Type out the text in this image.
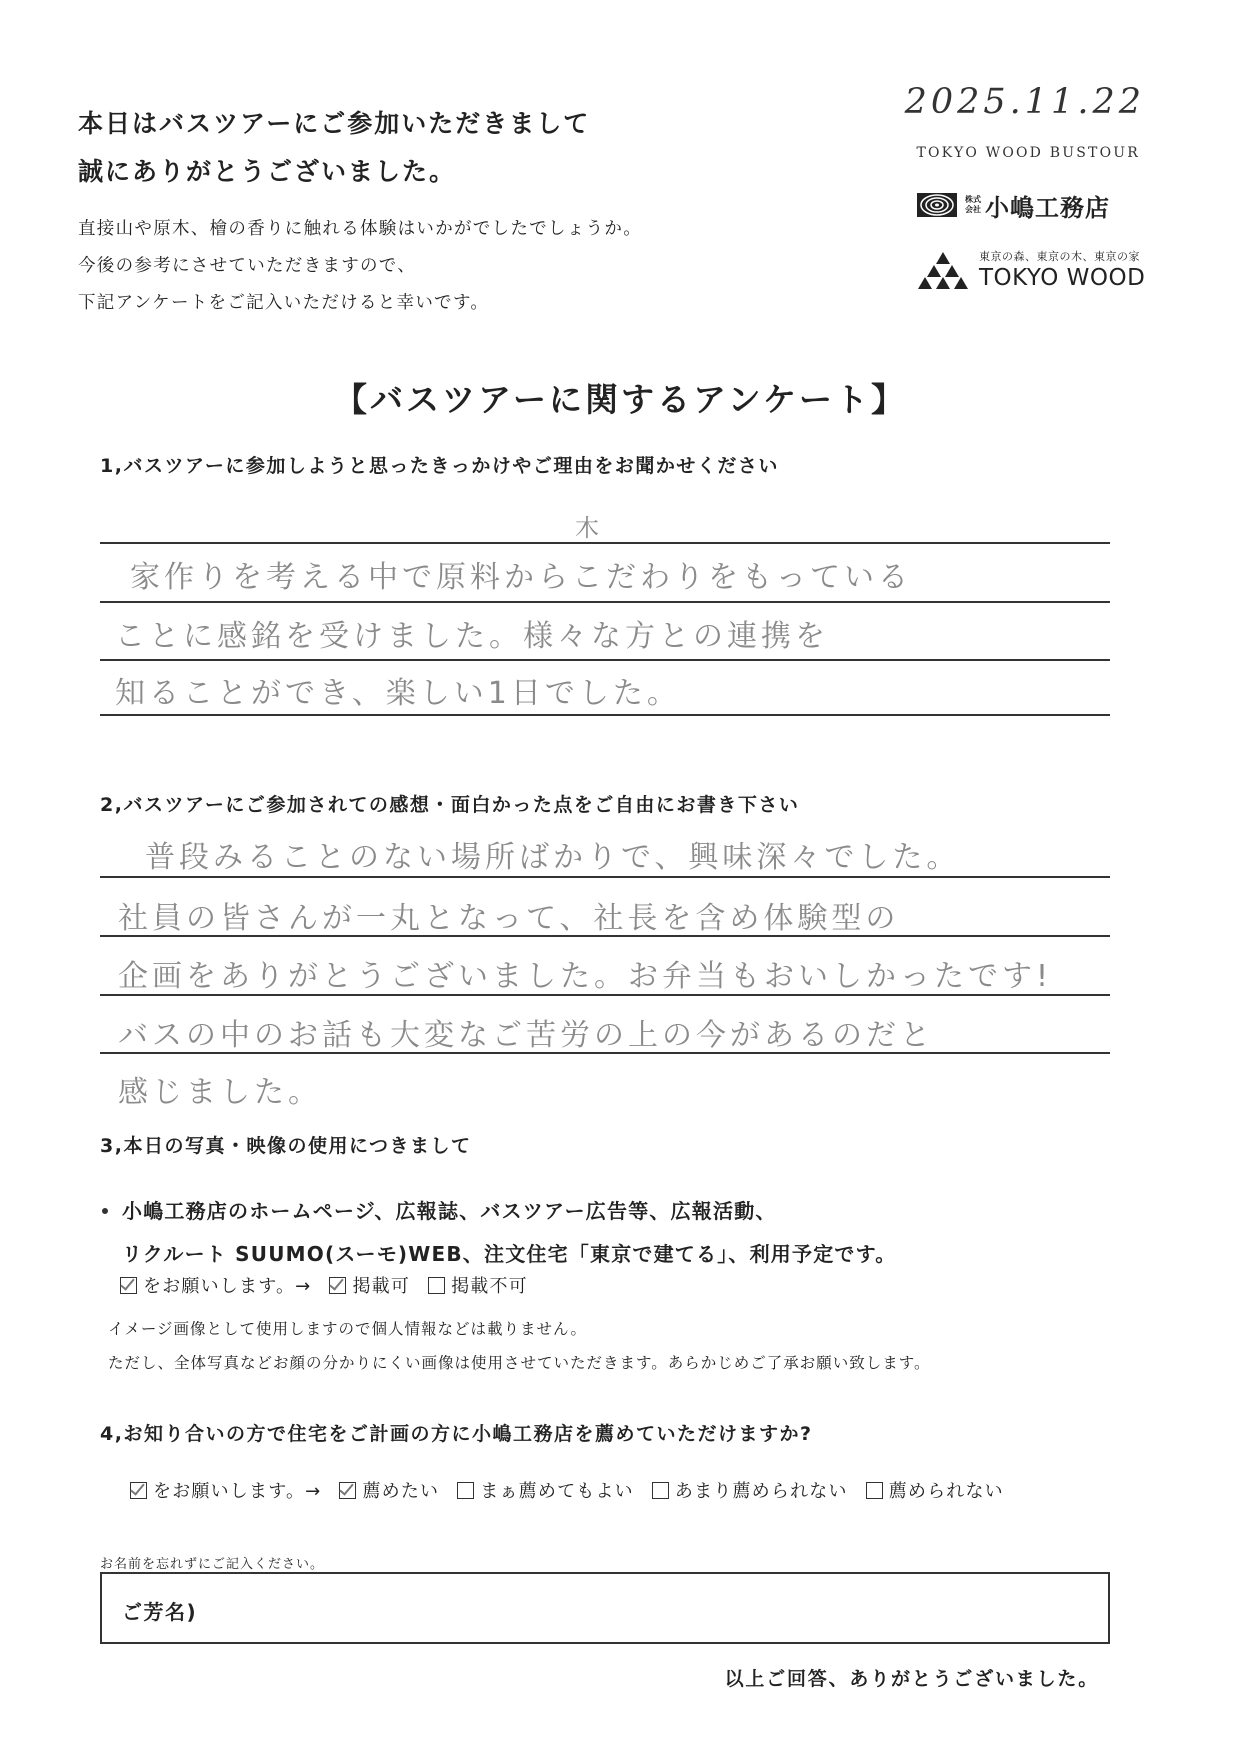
本日はバスツアーにご参加いただきまして
誠にありがとうございました。
直接山や原木、檜の香りに触れる体験はいかがでしたでしょうか。
今後の参考にさせていただきますので、
下記アンケートをご記入いただけると幸いです。
2025.11.22
TOKYO WOOD BUSTOUR
株式
会社 小嶋工務店
東京の森、東京の木、東京の家
TOKYO WOOD
【バスツアーに関するアンケート】
1,バスツアーに参加しようと思ったきっかけやご理由をお聞かせください
木
家作りを考える中で原料からこだわりをもっている
ことに感銘を受けました。様々な方との連携を
知ることができ、楽しい1日でした。
2,バスツアーにご参加されての感想・面白かった点をご自由にお書き下さい
普段みることのない場所ばかりで、興味深々でした。
社員の皆さんが一丸となって、社長を含め体験型の
企画をありがとうございました。お弁当もおいしかったです!
バスの中のお話も大変なご苦労の上の今があるのだと
感じました。
3,本日の写真・映像の使用につきまして
小嶋工務店のホームページ、広報誌、バスツアー広告等、広報活動、
リクルート SUUMO(スーモ)WEB、注文住宅「東京で建てる」、利用予定です。
をお願いします。→ 掲載可 掲載不可
イメージ画像として使用しますので個人情報などは載りません。
ただし、全体写真などお顔の分かりにくい画像は使用させていただきます。あらかじめご了承お願い致します。
4,お知り合いの方で住宅をご計画の方に小嶋工務店を薦めていただけますか?
をお願いします。→ 薦めたい まぁ薦めてもよい あまり薦められない 薦められない
お名前を忘れずにご記入ください。
ご芳名)
以上ご回答、ありがとうございました。
